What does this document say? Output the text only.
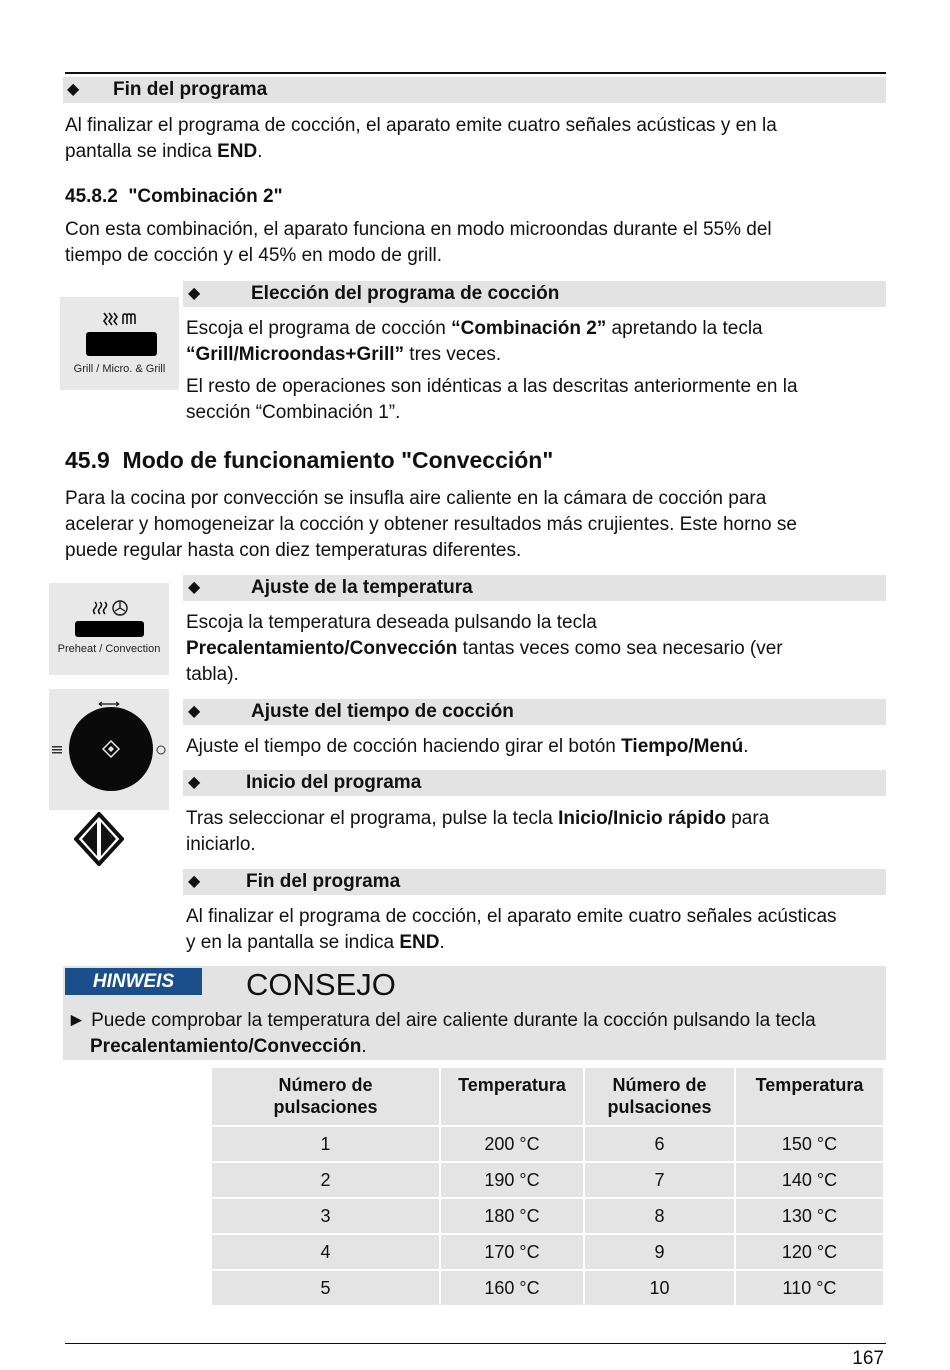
◆ Fin del programa
Al finalizar el programa de cocción, el aparato emite cuatro señales acústicas y en la
pantalla se indica END.
45.8.2  "Combinación 2"
Con esta combinación, el aparato funciona en modo microondas durante el 55% del
tiempo de cocción y el 45% en modo de grill.
Grill / Micro. & Grill
◆	Elección del programa de cocción
Escoja el programa de cocción “Combinación 2” apretando la tecla
“Grill/Microondas+Grill” tres veces.
El resto de operaciones son idénticas a las descritas anteriormente en la
sección “Combinación 1”.
45.9  Modo de funcionamiento "Convección"
Para la cocina por convección se insufla aire caliente en la cámara de cocción para
acelerar y homogeneizar la cocción y obtener resultados más crujientes. Este horno se
puede regular hasta con diez temperaturas diferentes.
Preheat / Convection
◆	Ajuste de la temperatura
Escoja la temperatura deseada pulsando la tecla
Precalentamiento/Convección tantas veces como sea necesario (ver
tabla).
◆	Ajuste del tiempo de cocción
Ajuste el tiempo de cocción haciendo girar el botón Tiempo/Menú.
◆ Inicio del programa
Tras seleccionar el programa, pulse la tecla Inicio/Inicio rápido para
iniciarlo.
◆ Fin del programa
Al finalizar el programa de cocción, el aparato emite cuatro señales acústicas
y en la pantalla se indica END.
HINWEIS	CONSEJO
► Puede comprobar la temperatura del aire caliente durante la cocción pulsando la tecla
Precalentamiento/Convección.
Número de pulsaciones	Temperatura	Número de pulsaciones	Temperatura

1	200 °C	6	150 °C
2	190 °C	7	140 °C
3	180 °C	8	130 °C
4	170 °C	9	120 °C
5	160 °C	10	110 °C
167
